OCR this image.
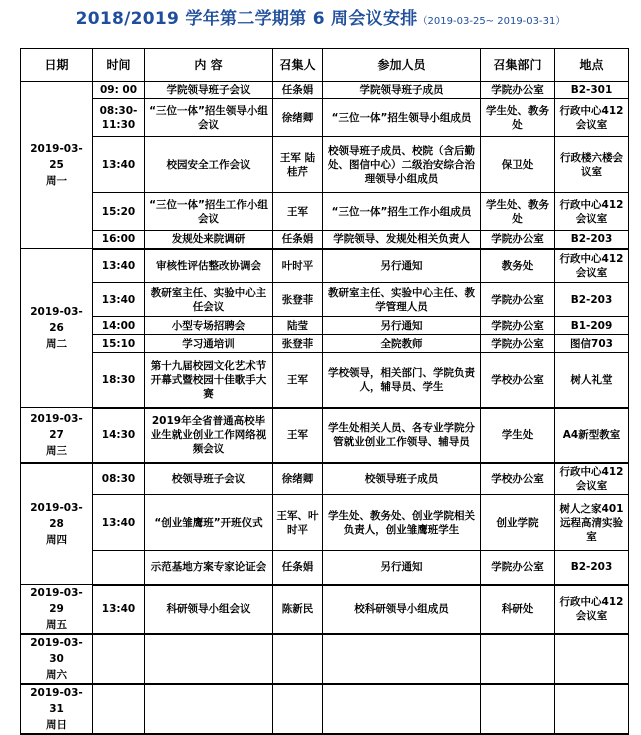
2018/2019 学年第二学期第 6 周会议安排（2019-03-25~ 2019-03-31）
日期	时间	内 容	召集人	参加人员	召集部门	地点

2019-03-25
周一	09: 00	学院领导班子会议	任条娟	学院领导班子成员	学院办公室	B2-301
	08:30-11:30	“三位一体”招生领导小组会议	徐绪卿	“三位一体”招生领导小组成员	学生处、教务处	行政中心412会议室
	13:40	校园安全工作会议	王军 陆桂芹	校领导班子成员、校院（含后勤处、图信中心）二级治安综合治理领导小组成员	保卫处	行政楼六楼会议室
	15:20	“三位一体”招生工作小组会议	王军	“三位一体”招生工作小组成员	学生处、教务处	行政中心412会议室
	16:00	发规处来院调研	任条娟	学院领导、发规处相关负责人	学院办公室	B2-203

2019-03-26
周二	13:40	审核性评估整改协调会	叶时平	另行通知	教务处	行政中心412会议室
	13:40	教研室主任、实验中心主任会议	张登菲	教研室主任、实验中心主任、教学管理人员	学院办公室	B2-203
	14:00	小型专场招聘会	陆莹	另行通知	学院办公室	B1-209
	15:10	学习通培训	张登菲	全院教师	学院办公室	图信703
	18:30	第十九届校园文化艺术节开幕式暨校园十佳歌手大赛	王军	学校领导，相关部门、学院负责人，辅导员、学生	学校办公室	树人礼堂

2019-03-27
周三	14:30	2019年全省普通高校毕业生就业创业工作网络视频会议	王军	学生处相关人员、各专业学院分管就业创业工作领导、辅导员	学生处	A4新型教室

2019-03-28
周四	08:30	校领导班子会议	徐绪卿	校领导班子成员	学校办公室	行政中心412会议室
	13:40	“创业雏鹰班”开班仪式	王军、叶时平	学生处、教务处、创业学院相关负责人，创业雏鹰班学生	创业学院	树人之家401远程高清实验室
		示范基地方案专家论证会	任条娟	另行通知	学院办公室	B2-203

2019-03-29
周五	13:40	科研领导小组会议	陈新民	校科研领导小组成员	科研处	行政中心412会议室

2019-03-30
周六						

2019-03-31
周日						
